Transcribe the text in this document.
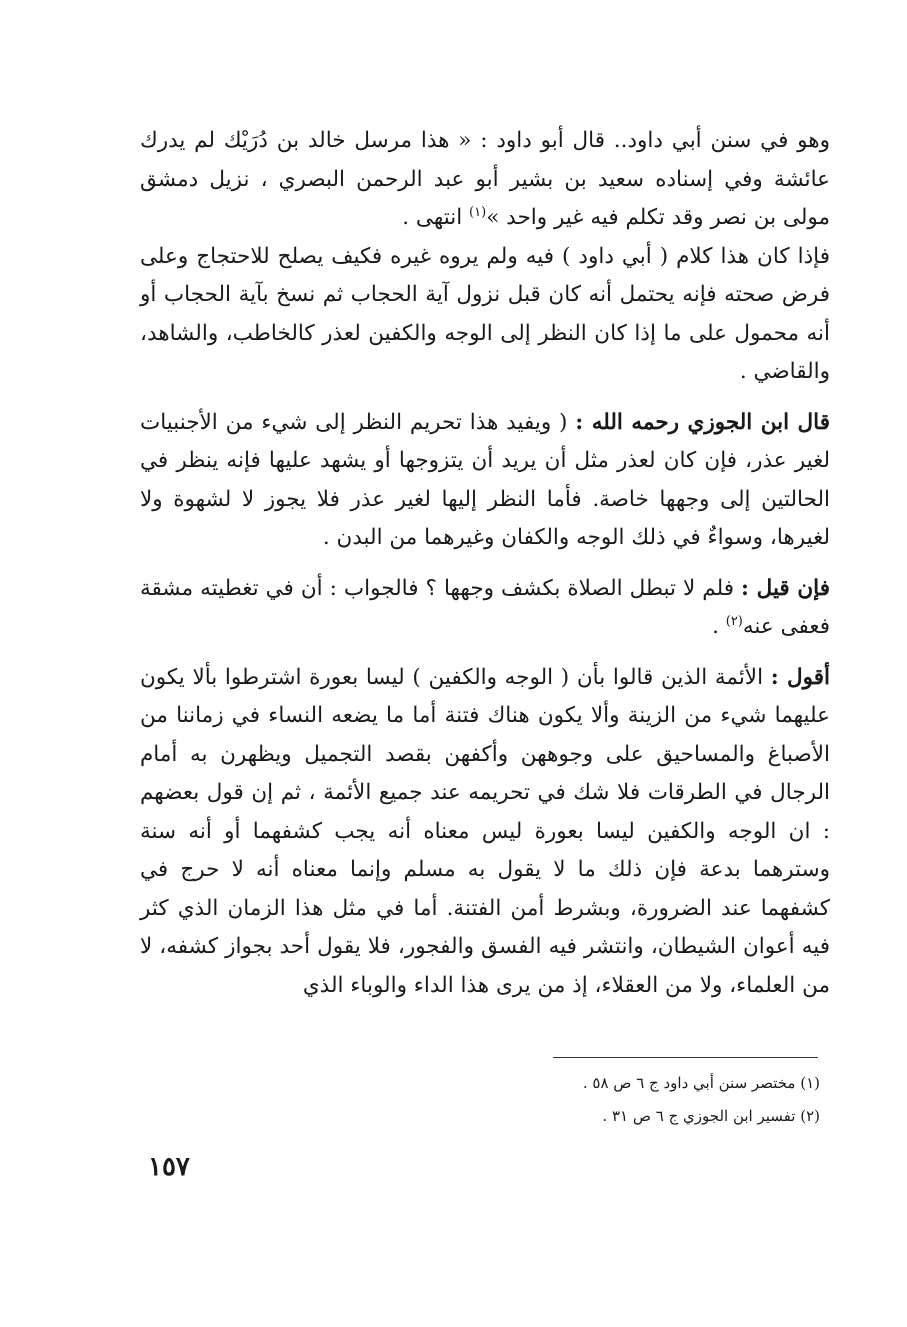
وهو في سنن أبي داود.. قال أبو داود : « هذا مرسل خالد بن دُرَيْك لم يدرك عائشة وفي إسناده سعيد بن بشير أبو عبد الرحمن البصري ، نزيل دمشق مولى بن نصر وقد تكلم فيه غير واحد »$^{(١)}$ انتهى .

فإذا كان هذا كلام ( أبي داود ) فيه ولم يروه غيره فكيف يصلح للاحتجاج وعلى فرض صحته فإنه يحتمل أنه كان قبل نزول آية الحجاب ثم نسخ بآية الحجاب أو أنه محمول على ما إذا كان النظر إلى الوجه والكفين لعذر كالخاطب، والشاهد، والقاضي .

قال ابن الجوزي رحمه الله : ( ويفيد هذا تحريم النظر إلى شيء من الأجنبيات لغير عذر، فإن كان لعذر مثل أن يريد أن يتزوجها أو يشهد عليها فإنه ينظر في الحالتين إلى وجهها خاصة. فأما النظر إليها لغير عذر فلا يجوز لا لشهوة ولا لغيرها، وسواءٌ في ذلك الوجه والكفان وغيرهما من البدن .

فإن قيل : فلم لا تبطل الصلاة بكشف وجهها ؟ فالجواب : أن في تغطيته مشقة فعفى عنه$^{(٢)}$ .

أقول : الأئمة الذين قالوا بأن ( الوجه والكفين ) ليسا بعورة اشترطوا بألا يكون عليهما شيء من الزينة وألا يكون هناك فتنة أما ما يضعه النساء في زماننا من الأصباغ والمساحيق على وجوههن وأكفهن بقصد التجميل ويظهرن به أمام الرجال في الطرقات فلا شك في تحريمه عند جميع الأئمة ، ثم إن قول بعضهم : ان الوجه والكفين ليسا بعورة ليس معناه أنه يجب كشفهما أو أنه سنة وسترهما بدعة فإن ذلك ما لا يقول به مسلم وإنما معناه أنه لا حرج في كشفهما عند الضرورة، وبشرط أمن الفتنة. أما في مثل هذا الزمان الذي كثر فيه أعوان الشيطان، وانتشر فيه الفسق والفجور، فلا يقول أحد بجواز كشفه، لا من العلماء، ولا من العقلاء، إذ من يرى هذا الداء والوباء الذي

(١) مختصر سنن أبي داود ج ٦ ص ٥٨ .

(٢) تفسير ابن الجوزي ج ٦ ص ٣١ .

١٥٧
